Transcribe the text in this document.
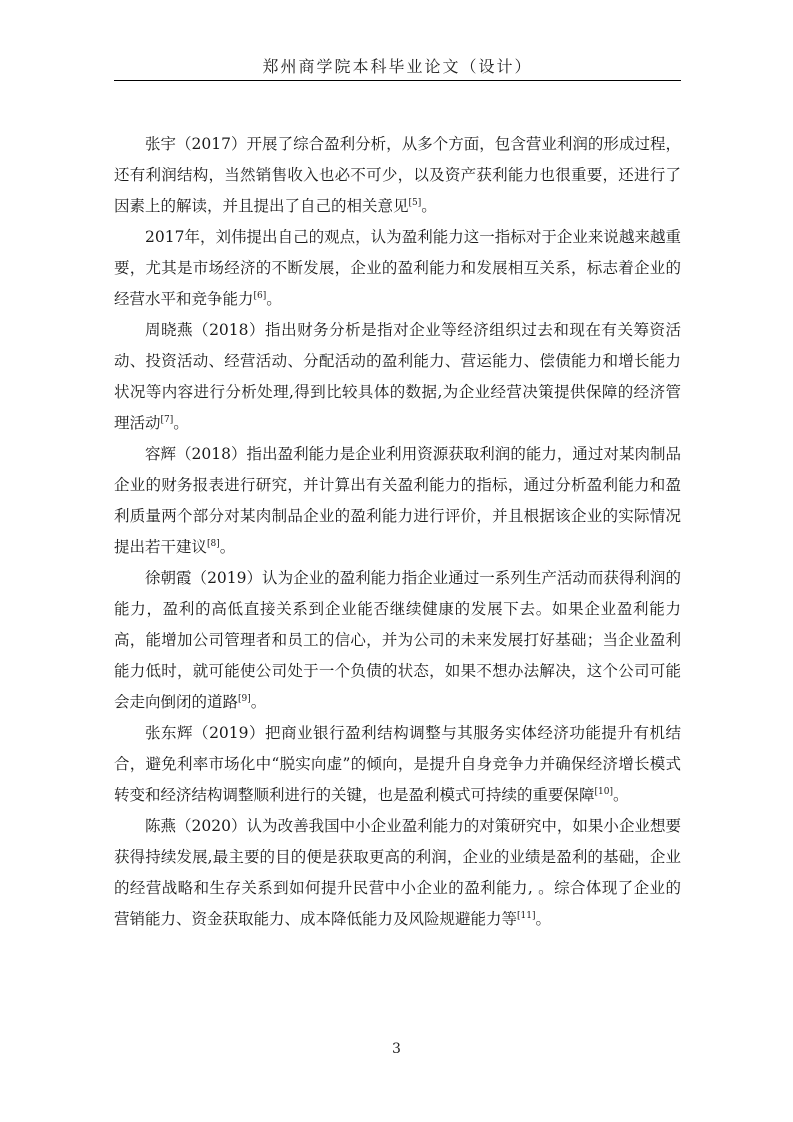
郑州商学院本科毕业论文（设计）

张宇（2017）开展了综合盈利分析，从多个方面，包含营业利润的形成过程，还有利润结构，当然销售收入也必不可少，以及资产获利能力也很重要，还进行了因素上的解读，并且提出了自己的相关意见[5]。

2017年，刘伟提出自己的观点，认为盈利能力这一指标对于企业来说越来越重要，尤其是市场经济的不断发展，企业的盈利能力和发展相互关系，标志着企业的经营水平和竞争能力[6]。

周晓燕（2018）指出财务分析是指对企业等经济组织过去和现在有关筹资活动、投资活动、经营活动、分配活动的盈利能力、营运能力、偿债能力和增长能力状况等内容进行分析处理,得到比较具体的数据,为企业经营决策提供保障的经济管理活动[7]。

容辉（2018）指出盈利能力是企业利用资源获取利润的能力，通过对某肉制品企业的财务报表进行研究，并计算出有关盈利能力的指标，通过分析盈利能力和盈利质量两个部分对某肉制品企业的盈利能力进行评价，并且根据该企业的实际情况提出若干建议[8]。

徐朝霞（2019）认为企业的盈利能力指企业通过一系列生产活动而获得利润的能力，盈利的高低直接关系到企业能否继续健康的发展下去。如果企业盈利能力高，能增加公司管理者和员工的信心，并为公司的未来发展打好基础；当企业盈利能力低时，就可能使公司处于一个负债的状态，如果不想办法解决，这个公司可能会走向倒闭的道路[9]。

张东辉（2019）把商业银行盈利结构调整与其服务实体经济功能提升有机结合，避免利率市场化中“脱实向虚”的倾向，是提升自身竞争力并确保经济增长模式转变和经济结构调整顺利进行的关键，也是盈利模式可持续的重要保障[10]。

陈燕（2020）认为改善我国中小企业盈利能力的对策研究中，如果小企业想要获得持续发展,最主要的目的便是获取更高的利润，企业的业绩是盈利的基础，企业的经营战略和生存关系到如何提升民营中小企业的盈利能力, 。综合体现了企业的营销能力、资金获取能力、成本降低能力及风险规避能力等[11]。

3
